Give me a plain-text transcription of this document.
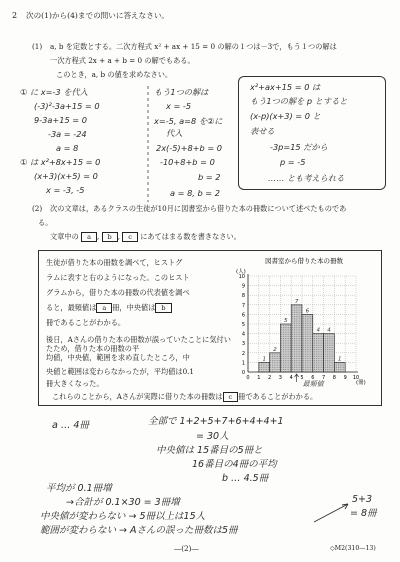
2 次の(1)から(4)までの問いに答えなさい。
(1) a, b を定数とする。二次方程式 x² + ax + 15 = 0 の解の１つは－3で，もう１つの解は
一次方程式 2x + a + b = 0 の解でもある。
このとき，a, b の値を求めなさい。
① に x=-3 を代入
(-3)²-3a+15 = 0
9-3a+15 = 0
-3a = -24
a = 8
① は x²+8x+15 = 0
(x+3)(x+5) = 0
x = -3, -5
もう1つの解は
x = -5
x=-5, a=8 を②に
代入
2x(-5)+8+b = 0
-10+8+b = 0
b = 2
a = 8, b = 2
x²+ax+15 = 0 は
もう1つの解を p とすると
(x-p)(x+3) = 0 と
表せる
-3p=15 だから
p = -5
…… とも考えられる
(2) 次の文章は，あるクラスの生徒が10月に図書室から借りた本の冊数について述べたものであ
る。
文章中の a , b , c にあてはまる数を書きなさい。
生徒が借りた本の冊数を調べて，ヒストグ
ラムに表すと右のようになった。このヒスト
グラムから，借りた本の冊数の代表値を調べ
ると，最頻値は a 冊，中央値は b
冊であることがわかる。
後日，Aさんの借りた本の冊数が誤っていたことに気付いたため，借りた本の冊数の平
均値，中央値，範囲を求め直したところ，中
央値と範囲は変わらなかったが，平均値は0.1
冊大きくなった。
これらのことから，Aさんが実際に借りた本の冊数は c 冊であることがわかる。
図書室から借りた本の冊数
(人)
(冊)
0
1
2
3
4
5
6
7
8
9
10
0 1 2 3 4 5 6 7 8 9 10
1
2
5
7
6
4 4
1
最頻値
a … 4冊	全部で 1+2+5+7+6+4+4+1
= 30人
中央値は 15番目の5冊と
16番目の4冊の平均
b … 4.5冊
平均が 0.1冊増
→合計が 0.1×30 = 3冊増
中央値が変わらない → 5冊以上は15人
範囲が変わらない → Aさんの誤った冊数は5冊
5+3
= 8冊
―(2)―	◇M2(310—13)
